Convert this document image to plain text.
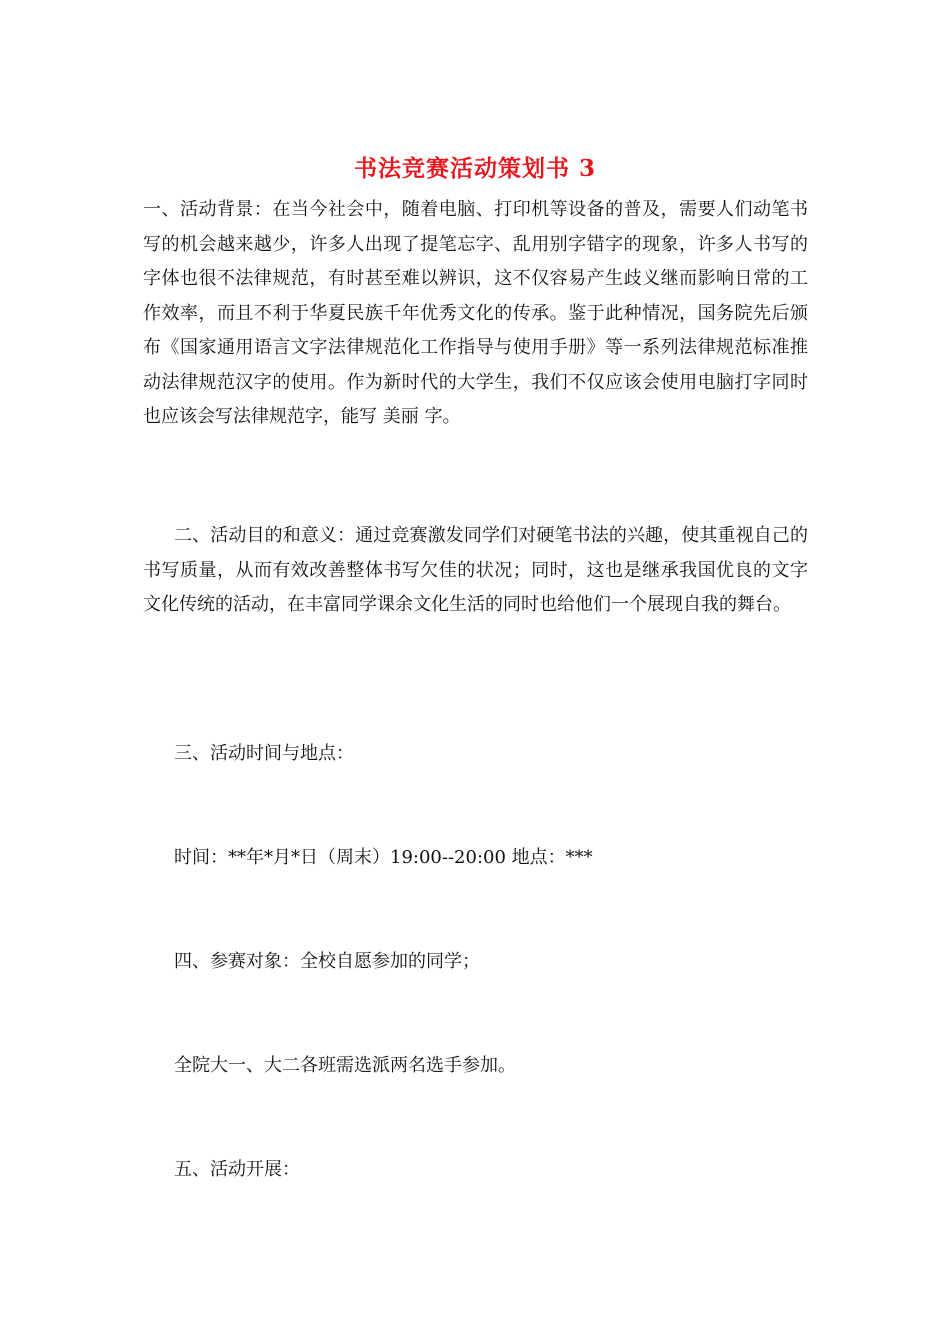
书法竞赛活动策划书 3

一、活动背景：在当今社会中，随着电脑、打印机等设备的普及，需要人们动笔书写的机会越来越少，许多人出现了提笔忘字、乱用别字错字的现象，许多人书写的字体也很不法律规范，有时甚至难以辨识，这不仅容易产生歧义继而影响日常的工作效率，而且不利于华夏民族千年优秀文化的传承。鉴于此种情况，国务院先后颁布《国家通用语言文字法律规范化工作指导与使用手册》等一系列法律规范标准推动法律规范汉字的使用。作为新时代的大学生，我们不仅应该会使用电脑打字同时也应该会写法律规范字，能写 美丽 字。

二、活动目的和意义：通过竞赛激发同学们对硬笔书法的兴趣，使其重视自己的书写质量，从而有效改善整体书写欠佳的状况；同时，这也是继承我国优良的文字文化传统的活动，在丰富同学课余文化生活的同时也给他们一个展现自我的舞台。

三、活动时间与地点：

时间：**年*月*日（周末）19:00--20:00 地点：***

四、参赛对象：全校自愿参加的同学；

全院大一、大二各班需选派两名选手参加。

五、活动开展：
